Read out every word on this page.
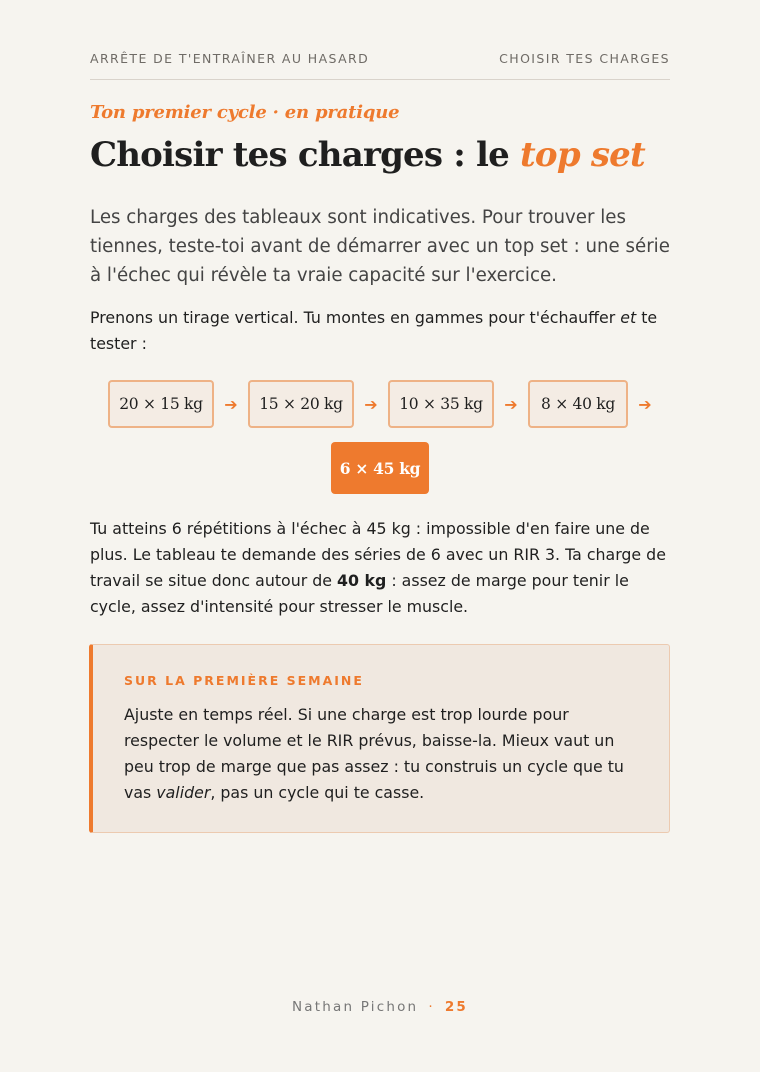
ARRÊTE DE T'ENTRAÎNER AU HASARD	CHOISIR TES CHARGES
Ton premier cycle · en pratique
Choisir tes charges : le top set

Les charges des tableaux sont indicatives. Pour trouver les tiennes, teste-toi avant de démarrer avec un top set : une série à l'échec qui révèle ta vraie capacité sur l'exercice.

Prenons un tirage vertical. Tu montes en gammes pour t'échauffer et te tester :

20 × 15 kg	➔	15 × 20 kg	➔	10 × 35 kg	➔	8 × 40 kg	➔
6 × 45 kg

Tu atteins 6 répétitions à l'échec à 45 kg : impossible d'en faire une de plus. Le tableau te demande des séries de 6 avec un RIR 3. Ta charge de travail se situe donc autour de 40 kg : assez de marge pour tenir le cycle, assez d'intensité pour stresser le muscle.

SUR LA PREMIÈRE SEMAINE

Ajuste en temps réel. Si une charge est trop lourde pour respecter le volume et le RIR prévus, baisse-la. Mieux vaut un peu trop de marge que pas assez : tu construis un cycle que tu vas valider, pas un cycle qui te casse.

Nathan Pichon · 25
